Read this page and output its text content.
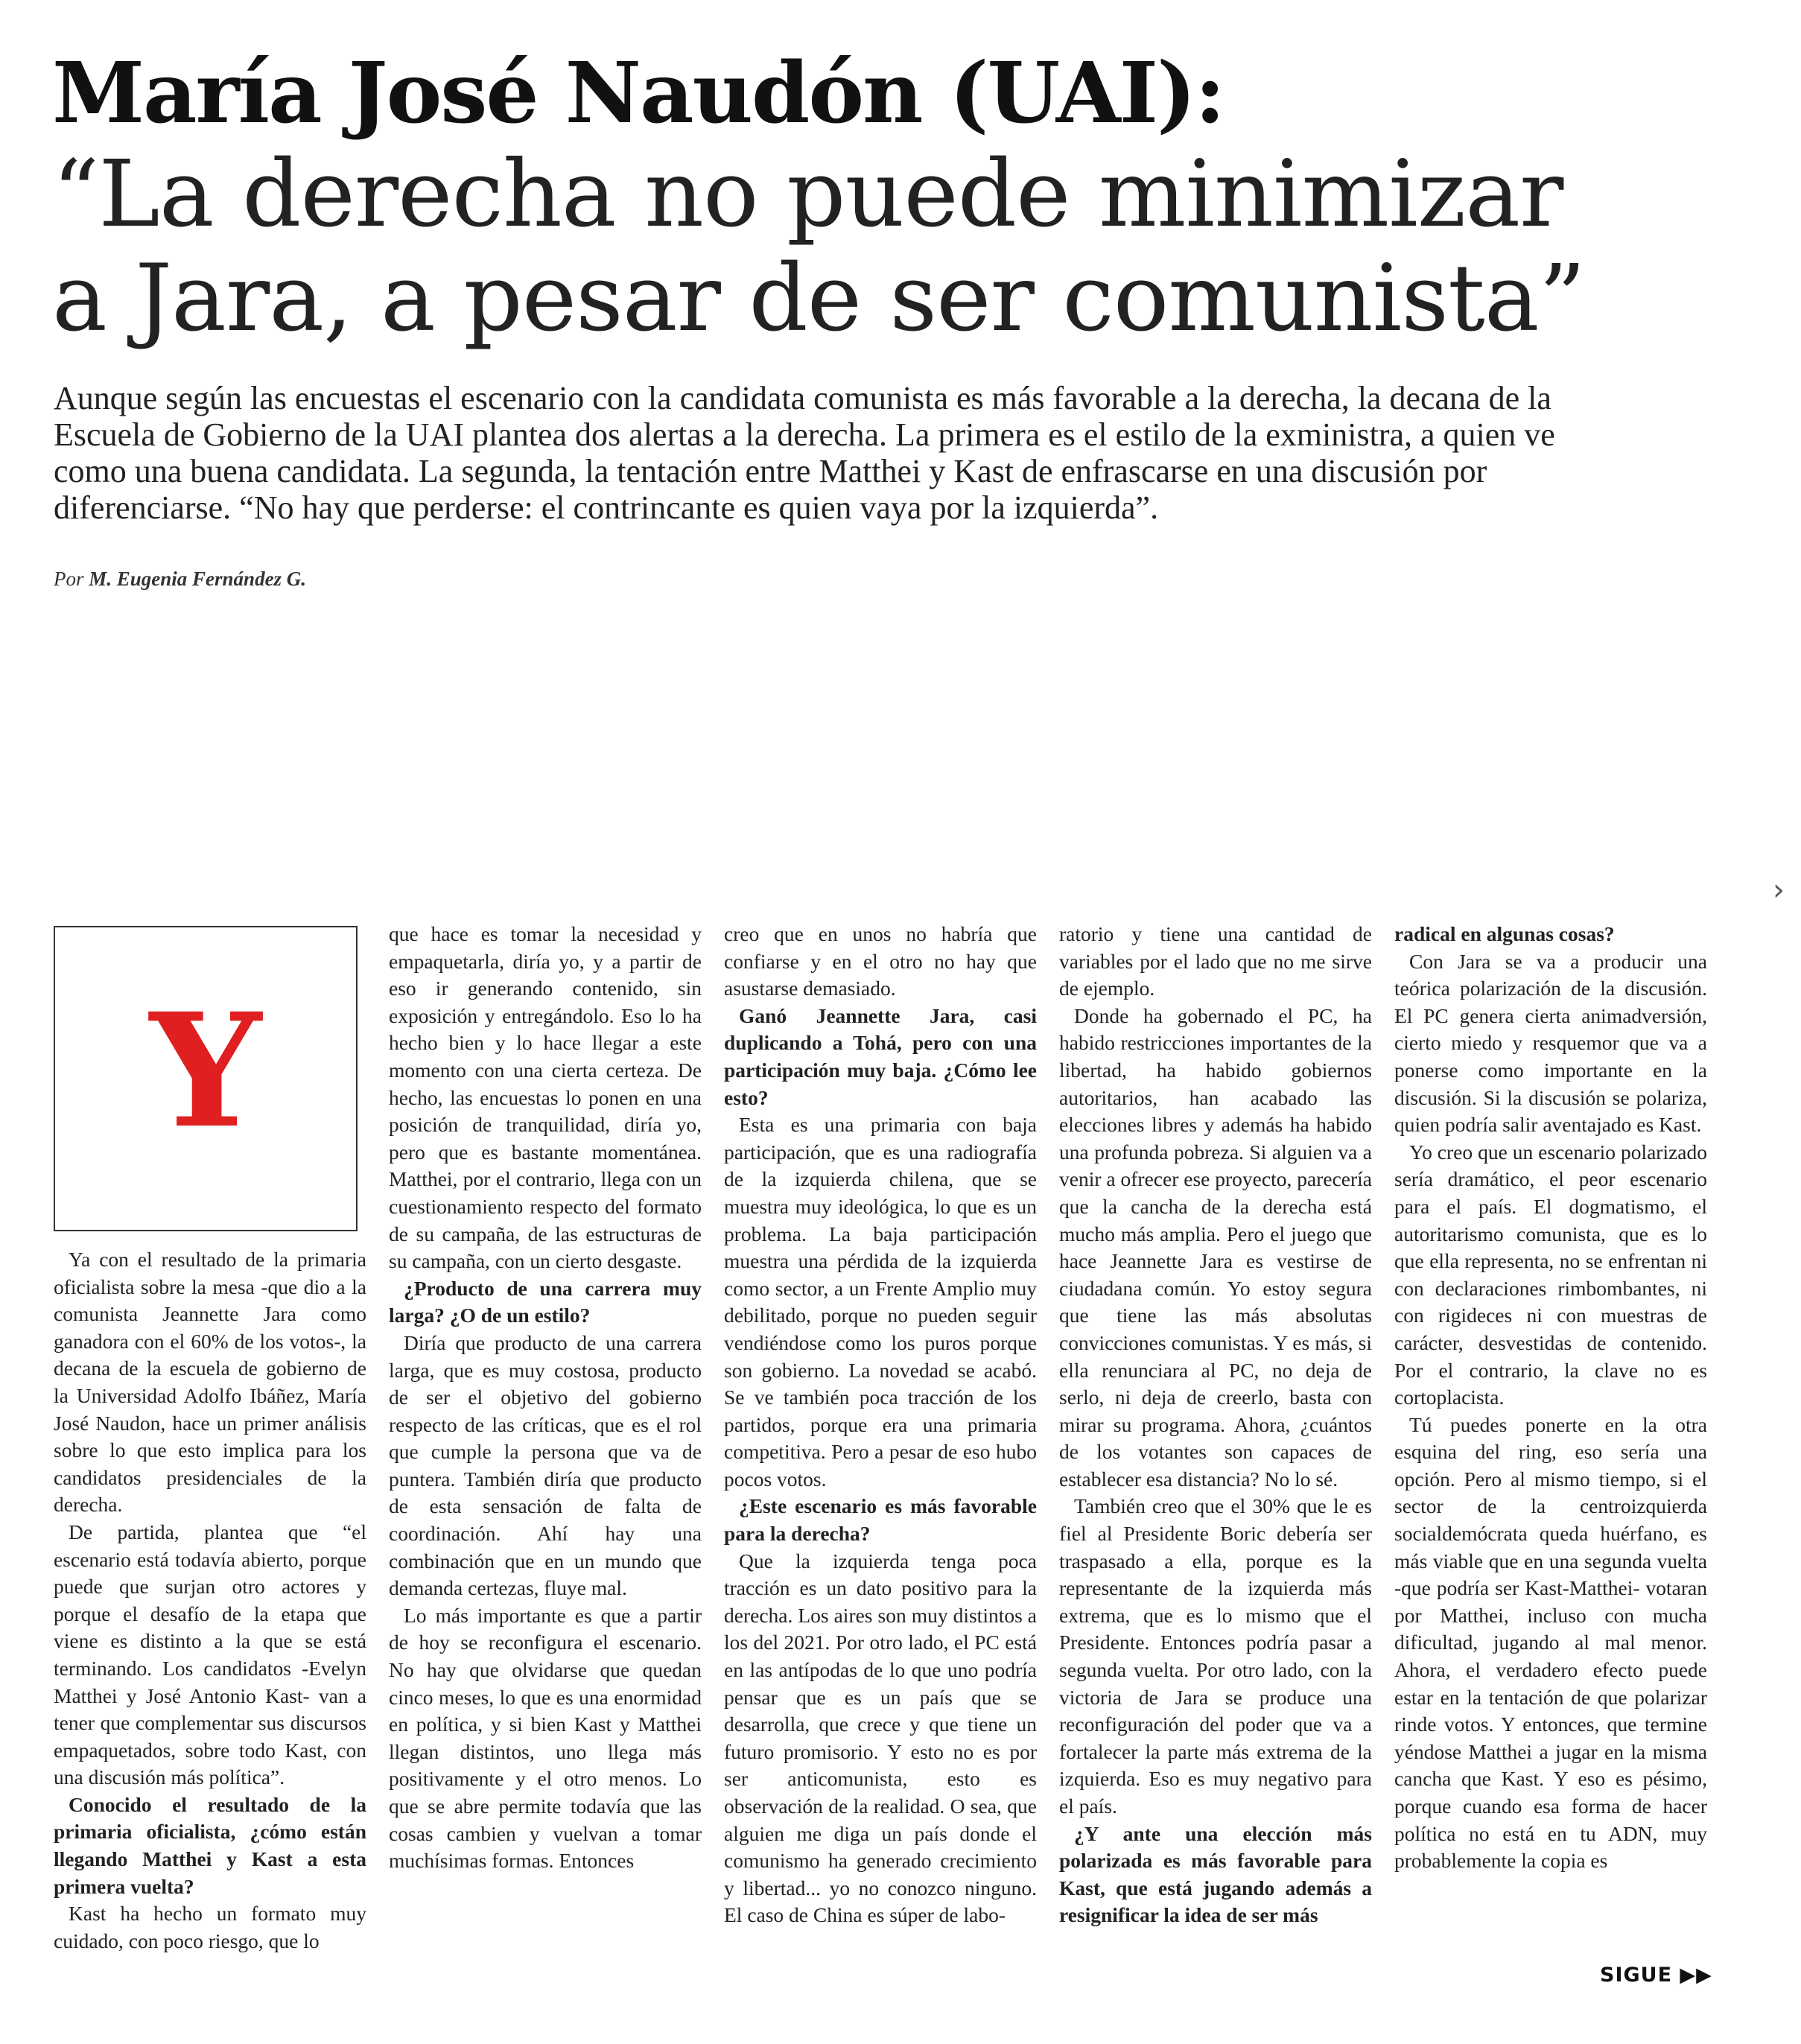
María José Naudón (UAI):
“La derecha no puede minimizar
a Jara, a pesar de ser comunista”

Aunque según las encuestas el escenario con la candidata comunista es más favorable a la derecha, la decana de la Escuela de Gobierno de la UAI plantea dos alertas a la derecha. La primera es el estilo de la exministra, a quien ve como una buena candidata. La segunda, la tentación entre Matthei y Kast de enfrascarse en una discusión por diferenciarse. “No hay que perderse: el contrincante es quien vaya por la izquierda”.

Por M. Eugenia Fernández G.
›
Y

Ya con el resultado de la primaria oficialista sobre la mesa -que dio a la comunista Jeannette Jara como ganadora con el 60% de los votos-, la decana de la escuela de gobierno de la Universidad Adolfo Ibáñez, María José Naudon, hace un primer análisis sobre lo que esto implica para los candidatos presidenciales de la derecha.

De partida, plantea que “el escenario está todavía abierto, porque puede que surjan otro actores y porque el desafío de la etapa que viene es distinto a la que se está terminando. Los candidatos -Evelyn Matthei y José Antonio Kast- van a tener que complementar sus discursos empaquetados, sobre todo Kast, con una discusión más política”.

Conocido el resultado de la primaria oficialista, ¿cómo están llegando Matthei y Kast a esta primera vuelta?

Kast ha hecho un formato muy cuidado, con poco riesgo, que lo

que hace es tomar la necesidad y empaquetarla, diría yo, y a partir de eso ir generando contenido, sin exposición y entregándolo. Eso lo ha hecho bien y lo hace llegar a este momento con una cierta certeza. De hecho, las encuestas lo ponen en una posición de tranquilidad, diría yo, pero que es bastante momentánea. Matthei, por el contrario, llega con un cuestionamiento respecto del formato de su campaña, de las estructuras de su campaña, con un cierto desgaste.

¿Producto de una carrera muy larga? ¿O de un estilo?

Diría que producto de una carrera larga, que es muy costosa, producto de ser el objetivo del gobierno respecto de las críticas, que es el rol que cumple la persona que va de puntera. También diría que producto de esta sensación de falta de coordinación. Ahí hay una combinación que en un mundo que demanda certezas, fluye mal.

Lo más importante es que a partir de hoy se reconfigura el escenario. No hay que olvidarse que quedan cinco meses, lo que es una enormidad en política, y si bien Kast y Matthei llegan distintos, uno llega más positivamente y el otro menos. Lo que se abre permite todavía que las cosas cambien y vuelvan a tomar muchísimas formas. Entonces

creo que en unos no habría que confiarse y en el otro no hay que asustarse demasiado.

Ganó Jeannette Jara, casi duplicando a Tohá, pero con una participación muy baja. ¿Cómo lee esto?

Esta es una primaria con baja participación, que es una radiografía de la izquierda chilena, que se muestra muy ideológica, lo que es un problema. La baja participación muestra una pérdida de la izquierda como sector, a un Frente Amplio muy debilitado, porque no pueden seguir vendiéndose como los puros porque son gobierno. La novedad se acabó. Se ve también poca tracción de los partidos, porque era una primaria competitiva. Pero a pesar de eso hubo pocos votos.

¿Este escenario es más favorable para la derecha?

Que la izquierda tenga poca tracción es un dato positivo para la derecha. Los aires son muy distintos a los del 2021. Por otro lado, el PC está en las antípodas de lo que uno podría pensar que es un país que se desarrolla, que crece y que tiene un futuro promisorio. Y esto no es por ser anticomunista, esto es observación de la realidad. O sea, que alguien me diga un país donde el comunismo ha generado crecimiento y libertad... yo no conozco ninguno. El caso de China es súper de labo-

ratorio y tiene una cantidad de variables por el lado que no me sirve de ejemplo.

Donde ha gobernado el PC, ha habido restricciones importantes de la libertad, ha habido gobiernos autoritarios, han acabado las elecciones libres y además ha habido una profunda pobreza. Si alguien va a venir a ofrecer ese proyecto, parecería que la cancha de la derecha está mucho más amplia. Pero el juego que hace Jeannette Jara es vestirse de ciudadana común. Yo estoy segura que tiene las más absolutas convicciones comunistas. Y es más, si ella renunciara al PC, no deja de serlo, ni deja de creerlo, basta con mirar su programa. Ahora, ¿cuántos de los votantes son capaces de establecer esa distancia? No lo sé.

También creo que el 30% que le es fiel al Presidente Boric debería ser traspasado a ella, porque es la representante de la izquierda más extrema, que es lo mismo que el Presidente. Entonces podría pasar a segunda vuelta. Por otro lado, con la victoria de Jara se produce una reconfiguración del poder que va a fortalecer la parte más extrema de la izquierda. Eso es muy negativo para el país.

¿Y ante una elección más polarizada es más favorable para Kast, que está jugando además a resignificar la idea de ser más

radical en algunas cosas?

Con Jara se va a producir una teórica polarización de la discusión. El PC genera cierta animadversión, cierto miedo y resquemor que va a ponerse como importante en la discusión. Si la discusión se polariza, quien podría salir aventajado es Kast.

Yo creo que un escenario polarizado sería dramático, el peor escenario para el país. El dogmatismo, el autoritarismo comunista, que es lo que ella representa, no se enfrentan ni con declaraciones rimbombantes, ni con rigideces ni con muestras de carácter, desvestidas de contenido. Por el contrario, la clave no es cortoplacista.

Tú puedes ponerte en la otra esquina del ring, eso sería una opción. Pero al mismo tiempo, si el sector de la centroizquierda socialdemócrata queda huérfano, es más viable que en una segunda vuelta -que podría ser Kast-Matthei- votaran por Matthei, incluso con mucha dificultad, jugando al mal menor. Ahora, el verdadero efecto puede estar en la tentación de que polarizar rinde votos. Y entonces, que termine yéndose Matthei a jugar en la misma cancha que Kast. Y eso es pésimo, porque cuando esa forma de hacer política no está en tu ADN, muy probablemente la copia es

SIGUE ▶▶
